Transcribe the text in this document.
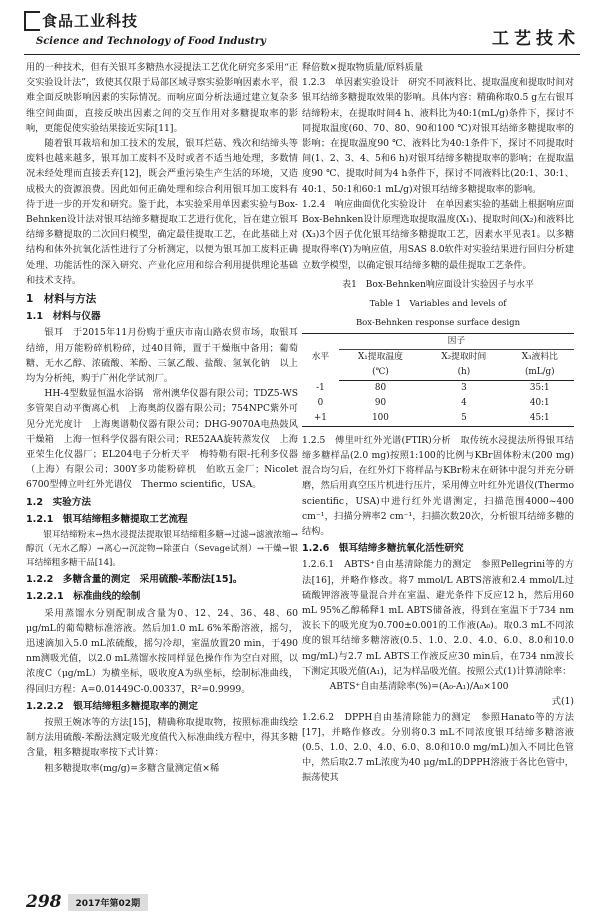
食品工业科技
Science and Technology of Food Industry	工艺技术

用的一种技术，但有关银耳多糖热水浸提法工艺优化研究多采用“正交实验设计法”，致使其仅限于局部区域寻察实验影响因素水平，很难全面反映影响因素的实际情况。而响应面分析法通过建立复杂多维空间曲面，直接反映出因素之间的交互作用对多糖提取率的影响，更能促使实验结果接近实际[11]。

随着银耳栽培和加工技术的发展，银耳烂菇、残次和结缔头等废料也越来越多，银耳加工废料不及时或者不适当地处理，多数情况未经处理而直接丢弃[12]，既会严重污染生产生活的环境，又造成极大的资源浪费。因此如何正确处理和综合利用银耳加工废料有待于进一步的开发和研究。鉴于此，本实验采用单因素实验与Box-Behnken设计法对银耳结缔多糖提取工艺进行优化，旨在建立银耳结缔多糖提取的二次回归模型，确定最佳提取工艺，在此基础上对结构和体外抗氧化活性进行了分析测定，以便为银耳加工废料正确处理、功能活性的深入研究、产业化应用和综合利用提供理论基础和技术支持。

1　材料与方法
1.1　材料与仪器

银耳　于2015年11月份购于重庆市南山路农贸市场，取银耳结缔，用万能粉碎机粉碎，过40目筛，置于干燥瓶中备用；葡萄糖、无水乙醇、浓硫酸、苯酚、三氯乙酸、盐酸、氢氧化钠　以上均为分析纯，购于广州化学试剂厂。

HH-4型数显恒温水浴锅　常州澳华仪器有限公司；TDZ5-WS多管架自动平衡离心机　上海奥韵仪器有限公司；754NPC紫外可见分光光度计　上海奥谱勒仪器有限公司；DHG-9070A电热鼓风干燥箱　上海一恒科学仪器有限公司；RE52AA旋转蒸发仪　上海亚荣生化仪器厂；EL204电子分析天平　梅特勒有限-托利多仪器（上海）有限公司；300Y多功能粉碎机　伯欧五金厂；Nicolet 6700型傅立叶红外光谱仪　Thermo scientific，USA。

1.2　实验方法
1.2.1　银耳结缔粗多糖提取工艺流程

银耳结缔粉末→热水浸提法提取银耳结缔粗多糖→过滤→滤液浓缩→醇沉（无水乙醇）→离心→沉淀物→除蛋白（Sevage试剂）→干燥→银耳结缔粗多糖干品[14]。

1.2.2　多糖含量的测定　采用硫酸-苯酚法[15]。
1.2.2.1　标准曲线的绘制

采用蒸馏水分别配制成含量为0、12、24、36、48、60 μg/mL的葡萄糖标准溶液。然后加1.0 mL 6%苯酚溶液，摇匀，迅速滴加入5.0 mL浓硫酸，摇匀冷却，室温放置20 min，于490 nm测吸光值，以2.0 mL蒸馏水按同样显色操作作为空白对照，以浓度C（μg/mL）为横坐标，吸收度A为纵坐标，绘制标准曲线，得回归方程：A=0.01449C-0.00337，R²=0.9999。

1.2.2.2　银耳结缔粗多糖提取率的测定

按照王婉冰等的方法[15]，精确称取提取物，按照标准曲线绘制方法用硫酸-苯酚法测定吸光度值代入标准曲线方程中，得其多糖含量，粗多糖提取率按下式计算：

粗多糖提取率(mg/g)=多糖含量测定值×稀

释倍数×提取物质量/原料质量

1.2.3　单因素实验设计　研究不同液料比、提取温度和提取时间对银耳结缔多糖提取效果的影响。具体内容：精确称取0.5 g左右银耳结缔粉末，在提取时间4 h、液料比为40:1(mL/g)条件下，探讨不同提取温度(60、70、80、90和100 ℃)对银耳结缔多糖提取率的影响；在提取温度90 ℃、液料比为40:1条件下，探讨不同提取时间(1、2、3、4、5和6 h)对银耳结缔多糖提取率的影响；在提取温度90 ℃、提取时间为4 h条件下，探讨不同液料比(20:1、30:1、40:1、50:1和60:1 mL/g)对银耳结缔多糖提取率的影响。

1.2.4　响应曲面优化实验设计　在单因素实验的基础上根据响应面Box-Behnken设计原理选取提取温度(X₁)、提取时间(X₂)和液料比(X₃)3个因子优化银耳结缔多糖提取工艺，因素水平见表1。以多糖提取得率(Y)为响应值，用SAS 8.0软件对实验结果进行回归分析建立数学模型，以确定银耳结缔多糖的最佳提取工艺条件。

表1　Box-Behnken响应面设计实验因子与水平
Table 1　Variables and levels of
Box-Behnken response surface design
水平	因子		
	X₁提取温度	X₂提取时间	X₃液料比
	(℃)	(h)	(mL/g)
-1	80	3	35:1
0	90	4	40:1
+1	100	5	45:1

1.2.5　傅里叶红外光谱(FTIR)分析　取传统水浸提法所得银耳结缔多糖样品(2.0 mg)按照1:100的比例与KBr固体粉末(200 mg)混合均匀后，在红外灯下将样品与KBr粉末在研钵中混匀并充分研磨，然后用真空压片机进行压片，采用傅立叶红外光谱仪(Thermo scientific，USA)中进行红外光谱测定，扫描范围4000~400 cm⁻¹，扫描分辨率2 cm⁻¹，扫描次数20次，分析银耳结缔多糖的结构。

1.2.6　银耳结缔多糖抗氧化活性研究

1.2.6.1　ABTS⁺自由基清除能力的测定　参照Pellegrini等的方法[16]，并略作修改。将7 mmol/L ABTS溶液和2.4 mmol/L过硫酸钾溶液等量混合并在室温、避光条件下反应12 h，然后用60 mL 95%乙醇稀释1 mL ABTS储备液，得到在室温下于734 nm波长下的吸光度为0.700±0.001的工作液(A₀)。取0.3 mL不同浓度的银耳结缔多糖溶液(0.5、1.0、2.0、4.0、6.0、8.0和10.0 mg/mL)与2.7 mL ABTS工作液反应30 min后，在734 nm波长下测定其吸光值(A₁)，记为样品吸光值。按照公式(1)计算清除率：

ABTS⁺自由基清除率(%)=(A₀-A₁)/A₀×100

式(1)

1.2.6.2　DPPH自由基清除能力的测定　参照Hanato等的方法[17]，并略作修改。分别将0.3 mL不同浓度银耳结缔多糖溶液(0.5、1.0、2.0、4.0、6.0、8.0和10.0 mg/mL)加入不同比色管中，然后取2.7 mL浓度为40 μg/mL的DPPH溶液于各比色管中，振荡使其

298	2017年第02期
